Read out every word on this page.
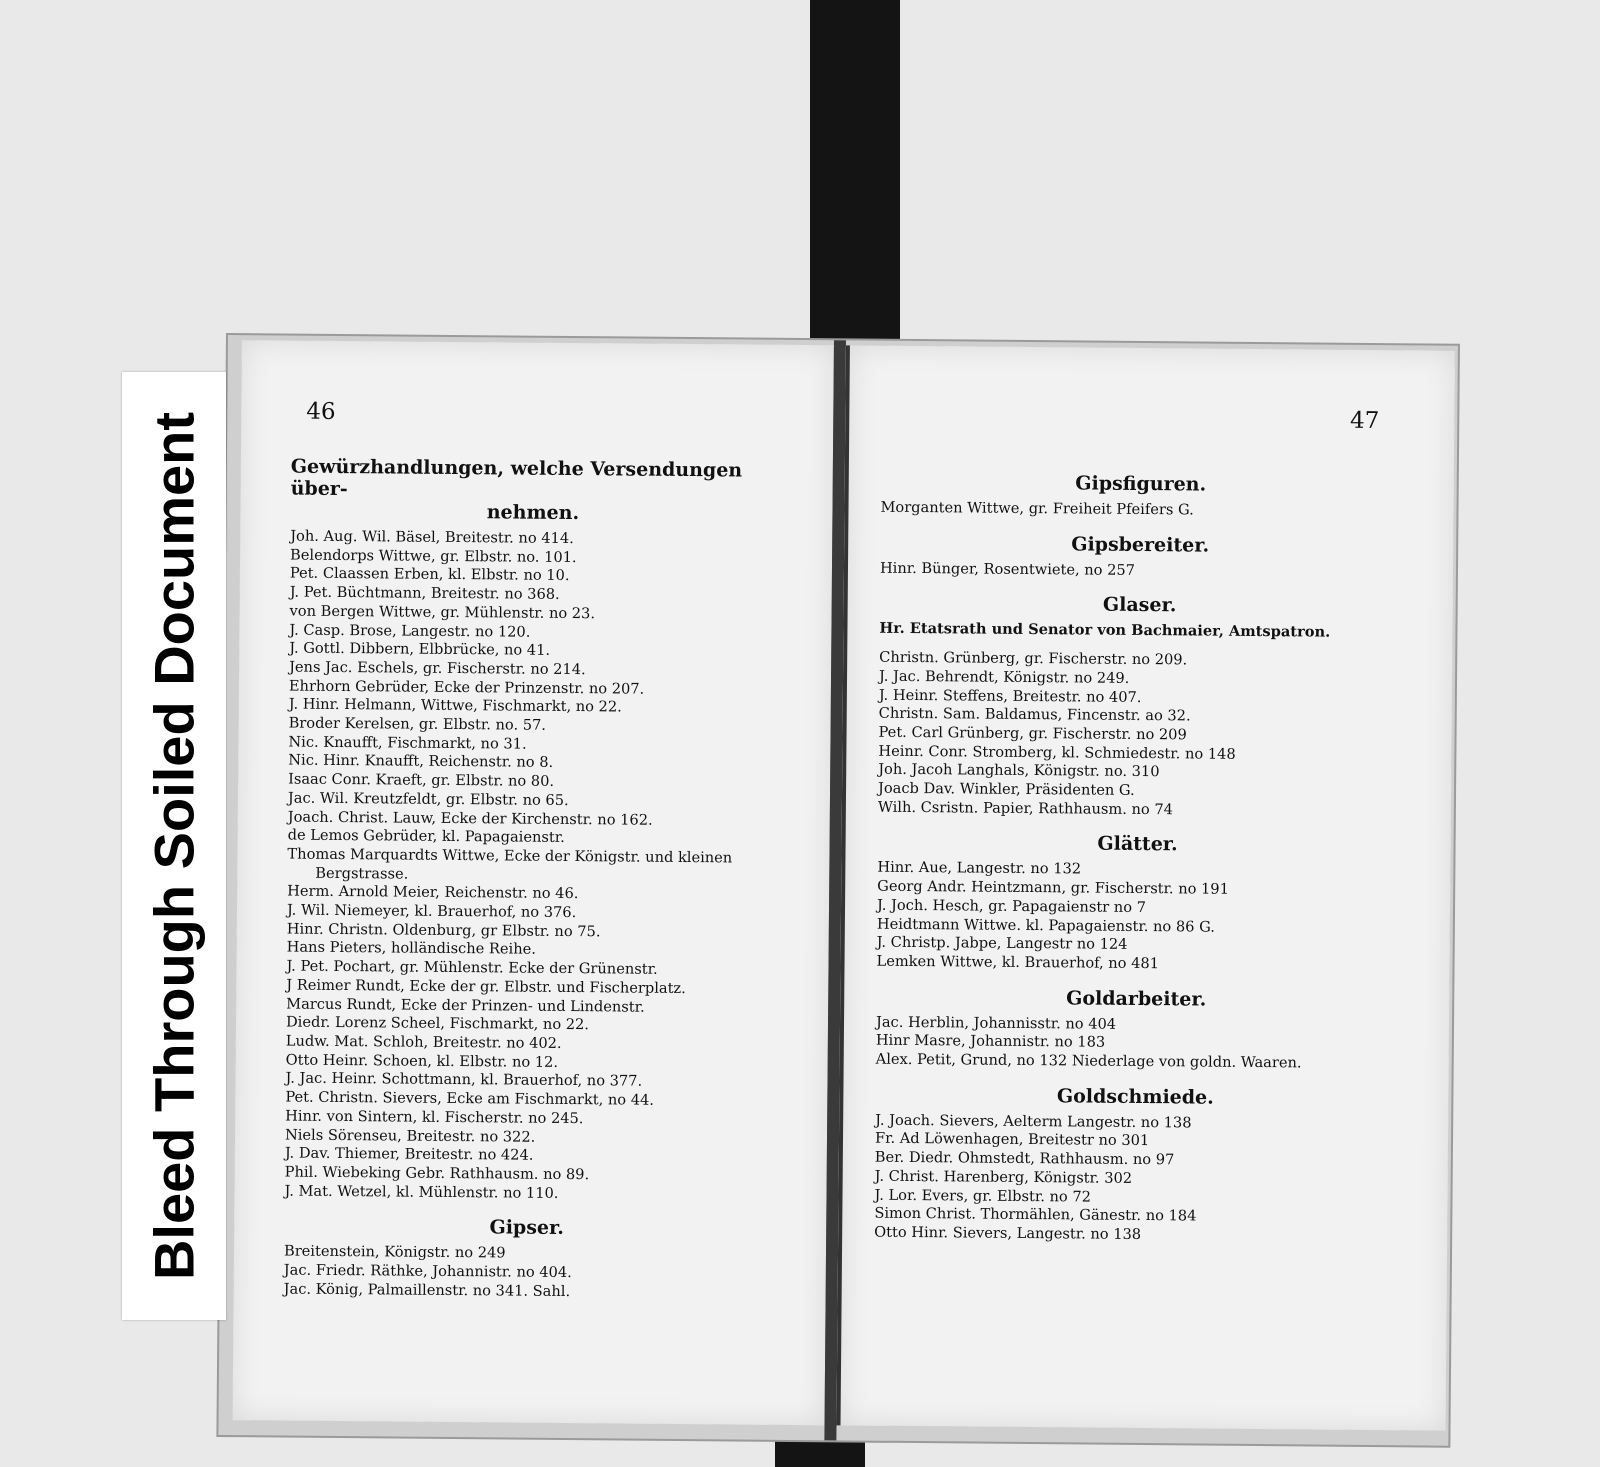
46
Gewürzhandlungen, welche Versendungen über-
nehmen.
Joh. Aug. Wil. Bäsel, Breitestr. no 414.
Belendorps Wittwe, gr. Elbstr. no. 101.
Pet. Claassen Erben, kl. Elbstr. no 10.
J. Pet. Büchtmann, Breitestr. no 368.
von Bergen Wittwe, gr. Mühlenstr. no 23.
J. Casp. Brose, Langestr. no 120.
J. Gottl. Dibbern, Elbbrücke, no 41.
Jens Jac. Eschels, gr. Fischerstr. no 214.
Ehrhorn Gebrüder, Ecke der Prinzenstr. no 207.
J. Hinr. Helmann, Wittwe, Fischmarkt, no 22.
Broder Kerelsen, gr. Elbstr. no. 57.
Nic. Knaufft, Fischmarkt, no 31.
Nic. Hinr. Knaufft, Reichenstr. no 8.
Isaac Conr. Kraeft, gr. Elbstr. no 80.
Jac. Wil. Kreutzfeldt, gr. Elbstr. no 65.
Joach. Christ. Lauw, Ecke der Kirchenstr. no 162.
de Lemos Gebrüder, kl. Papagaienstr.
Thomas Marquardts Wittwe, Ecke der Königstr. und kleinen
Bergstrasse.
Herm. Arnold Meier, Reichenstr. no 46.
J. Wil. Niemeyer, kl. Brauerhof, no 376.
Hinr. Christn. Oldenburg, gr Elbstr. no 75.
Hans Pieters, holländische Reihe.
J. Pet. Pochart, gr. Mühlenstr. Ecke der Grünenstr.
J Reimer Rundt, Ecke der gr. Elbstr. und Fischerplatz.
Marcus Rundt, Ecke der Prinzen- und Lindenstr.
Diedr. Lorenz Scheel, Fischmarkt, no 22.
Ludw. Mat. Schloh, Breitestr. no 402.
Otto Heinr. Schoen, kl. Elbstr. no 12.
J. Jac. Heinr. Schottmann, kl. Brauerhof, no 377.
Pet. Christn. Sievers, Ecke am Fischmarkt, no 44.
Hinr. von Sintern, kl. Fischerstr. no 245.
Niels Sörenseu, Breitestr. no 322.
J. Dav. Thiemer, Breitestr. no 424.
Phil. Wiebeking Gebr. Rathhausm. no 89.
J. Mat. Wetzel, kl. Mühlenstr. no 110.
Gipser.
Breitenstein, Königstr. no 249
Jac. Friedr. Räthke, Johannistr. no 404.
Jac. König, Palmaillenstr. no 341. Sahl.
47
Gipsfiguren.
Morganten Wittwe, gr. Freiheit Pfeifers G.
Gipsbereiter.
Hinr. Bünger, Rosentwiete, no 257
Glaser.
Hr. Etatsrath und Senator von Bachmaier, Amtspatron.
Christn. Grünberg, gr. Fischerstr. no 209.
J. Jac. Behrendt, Königstr. no 249.
J. Heinr. Steffens, Breitestr. no 407.
Christn. Sam. Baldamus, Fincenstr. ao 32.
Pet. Carl Grünberg, gr. Fischerstr. no 209
Heinr. Conr. Stromberg, kl. Schmiedestr. no 148
Joh. Jacoh Langhals, Königstr. no. 310
Joacb Dav. Winkler, Präsidenten G.
Wilh. Csristn. Papier, Rathhausm. no 74
Glätter.
Hinr. Aue, Langestr. no 132
Georg Andr. Heintzmann, gr. Fischerstr. no 191
J. Joch. Hesch, gr. Papagaienstr no 7
Heidtmann Wittwe. kl. Papagaienstr. no 86 G.
J. Christp. Jabpe, Langestr no 124
Lemken Wittwe, kl. Brauerhof, no 481
Goldarbeiter.
Jac. Herblin, Johannisstr. no 404
Hinr Masre, Johannistr. no 183
Alex. Petit, Grund, no 132 Niederlage von goldn. Waaren.
Goldschmiede.
J. Joach. Sievers, Aelterm Langestr. no 138
Fr. Ad Löwenhagen, Breitestr no 301
Ber. Diedr. Ohmstedt, Rathhausm. no 97
J. Christ. Harenberg, Königstr. 302
J. Lor. Evers, gr. Elbstr. no 72
Simon Christ. Thormählen, Gänestr. no 184
Otto Hinr. Sievers, Langestr. no 138
Bleed Through Soiled Document
